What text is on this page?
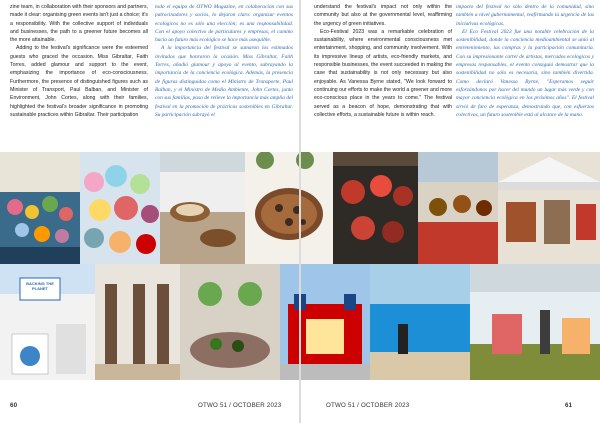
zine team, in collaboration with their sponsors and partners, made it clear: organising green events isn't just a choice; it's a responsibility. With the collective support of individuals and businesses, the path to a greener future becomes all the more attainable.

Adding to the festival's significance were the esteemed guests who graced the occasion. Miss Gibraltar, Faith Torres, added glamour and support to the event, emphasizing the importance of eco-consciousness. Furthermore, the presence of distinguished figures such as Minister of Transport, Paul Balban, and Minister of Environment, John Cortes, along with their families, highlighted the festival's broader significance in promoting sustainable practices within Gibraltar. Their participation

todo el equipo de OTWO Magazine, en colaboración con sus patrocinadores y socios, lo dejaron claro: organizar eventos ecológicos no es sólo una elección; es una responsabilidad. Con el apoyo colectivo de particulares y empresas, el camino hacia un futuro más ecológico se hace más asequible.

A la importancia del festival se sumaron los estimados invitados que honraron la ocasión. Miss Gibraltar, Faith Torres, añadió glamour y apoyo al evento, subrayando la importancia de la conciencia ecológica. Además, la presencia de figuras distinguidas como el Ministro de Transporte, Paul Balban, y el Ministro de Medio Ambiente, John Cortes, junto con sus familias, puso de relieve la importancia más amplia del festival en la promoción de prácticas sostenibles en Gibraltar. Su participación subrayó el

60	OTWO 51 / OCTOBER 2023

understand the festival's impact not only within the community but also at the governmental level, reaffirming the urgency of green initiatives.

Eco-Festival 2023 was a remarkable celebration of sustainability, where environmental consciousness met entertainment, shopping, and community involvement. With its impressive lineup of artists, eco-friendly markets, and responsible businesses, the event succeeded in making the case that sustainability is not only necessary but also enjoyable. As Vanessa Byrne stated, "We look forward to continuing our efforts to make the world a greener and more eco-conscious place in the years to come." The festival served as a beacon of hope, demonstrating that with collective efforts, a sustainable future is within reach.

impacto del festival no sólo dentro de la comunidad, sino también a nivel gubernamental, reafirmando la urgencia de las iniciativas ecológicas.

El Eco Festival 2023 fue una notable celebración de la sostenibilidad, donde la conciencia medioambiental se unió al entretenimiento, las compras y la participación comunitaria. Con su impresionante cartel de artistas, mercados ecológicos y empresas responsables, el evento consiguió demostrar que la sostenibilidad no sólo es necesaria, sino también divertida. Como declaró Vanessa Byrne, "Esperamos seguir esforzándonos por hacer del mundo un lugar más verde y con mayor conciencia ecológica en los próximos años". El festival sirvió de faro de esperanza, demostrando que, con esfuerzos colectivos, un futuro sostenible está al alcance de la mano.

OTWO 51 / OCTOBER 2023	61
BACKING THE PLANET
